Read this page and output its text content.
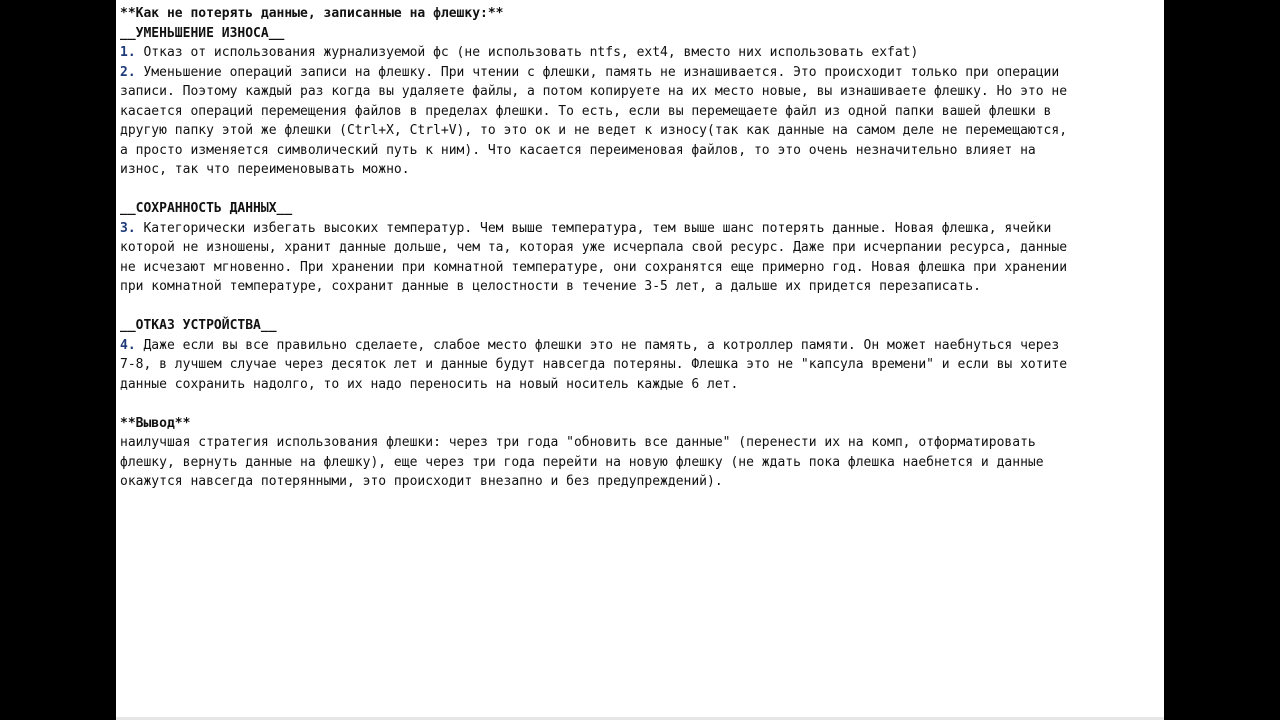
**Как не потерять данные, записанные на флешку:**
__УМЕНЬШЕНИЕ ИЗНОСА__
1. Отказ от использования журнализуемой фс (не использовать ntfs, ext4, вместо них использовать exfat)
2. Уменьшение операций записи на флешку. При чтении с флешки, память не изнашивается. Это происходит только при операции
записи. Поэтому каждый раз когда вы удаляете файлы, а потом копируете на их место новые, вы изнашиваете флешку. Но это не
касается операций перемещения файлов в пределах флешки. То есть, если вы перемещаете файл из одной папки вашей флешки в
другую папку этой же флешки (Ctrl+X, Ctrl+V), то это ок и не ведет к износу(так как данные на самом деле не перемещаются,
а просто изменяется символический путь к ним). Что касается переименовая файлов, то это очень незначительно влияет на
износ, так что переименовывать можно.
__СОХРАННОСТЬ ДАННЫХ__
3. Категорически избегать высоких температур. Чем выше температура, тем выше шанс потерять данные. Новая флешка, ячейки
которой не изношены, хранит данные дольше, чем та, которая уже исчерпала свой ресурс. Даже при исчерпании ресурса, данные
не исчезают мгновенно. При хранении при комнатной температуре, они сохранятся еще примерно год. Новая флешка при хранении
при комнатной температуре, сохранит данные в целостности в течение 3-5 лет, а дальше их придется перезаписать.
__ОТКАЗ УСТРОЙСТВА__
4. Даже если вы все правильно сделаете, слабое место флешки это не память, а котроллер памяти. Он может наебнуться через
7-8, в лучшем случае через десяток лет и данные будут навсегда потеряны. Флешка это не "капсула времени" и если вы хотите
данные сохранить надолго, то их надо переносить на новый носитель каждые 6 лет.
**Вывод**
наилучшая стратегия использования флешки: через три года "обновить все данные" (перенести их на комп, отформатировать
флешку, вернуть данные на флешку), еще через три года перейти на новую флешку (не ждать пока флешка наебнется и данные
окажутся навсегда потерянными, это происходит внезапно и без предупреждений).
